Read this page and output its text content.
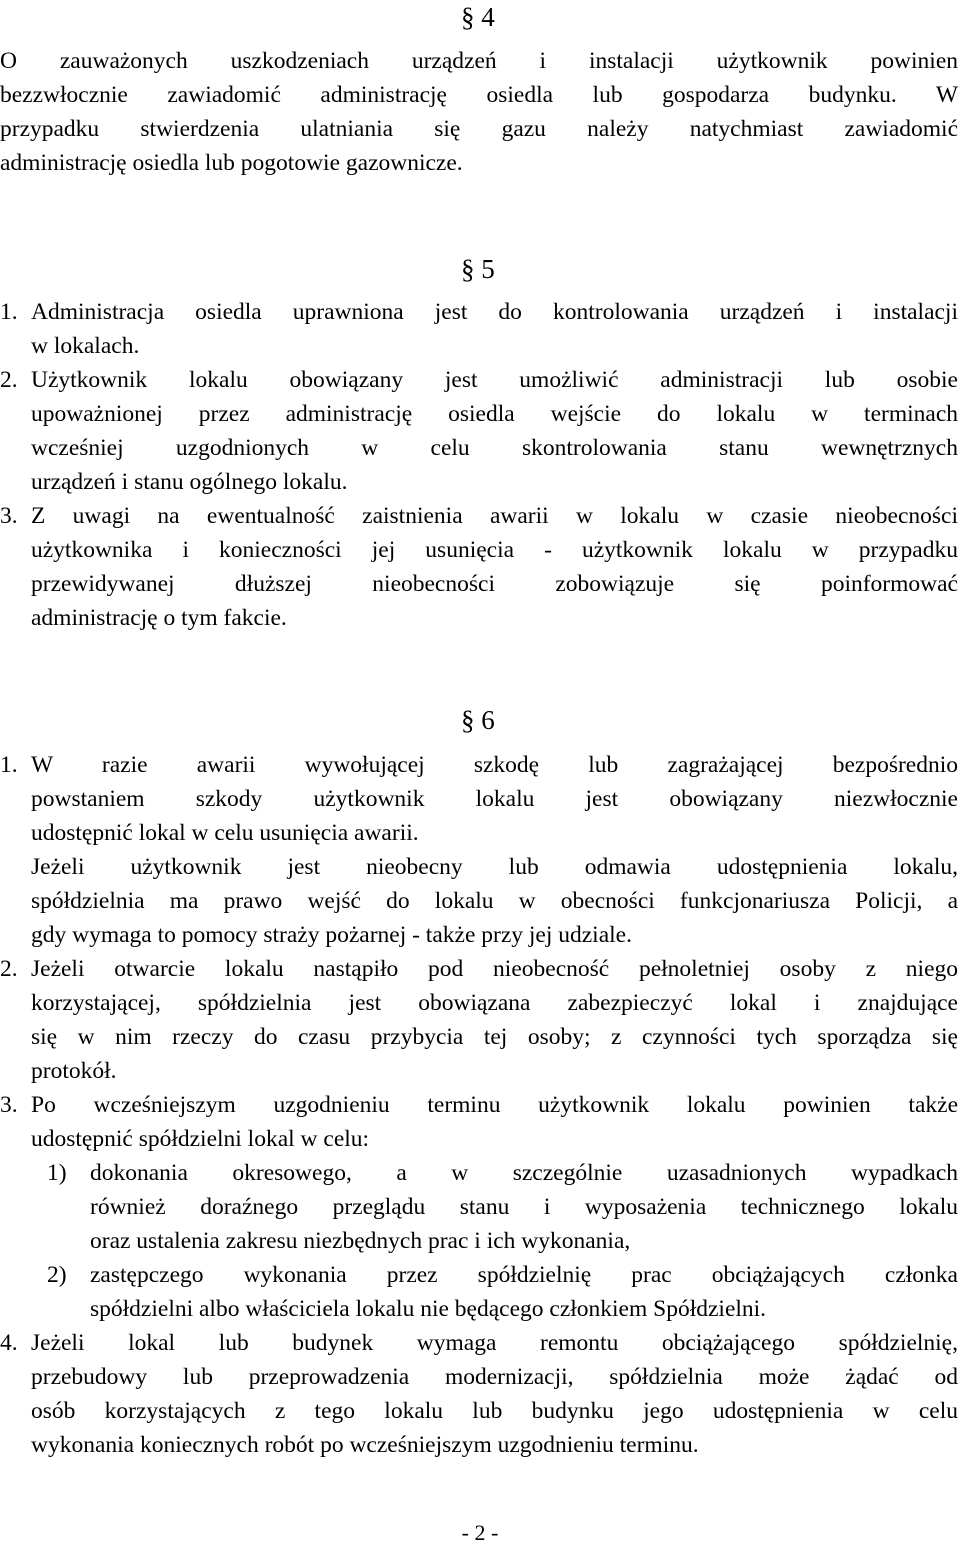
§ 4
O zauważonych uszkodzeniach urządzeń i instalacji użytkownik powinien
bezzwłocznie zawiadomić administrację osiedla lub gospodarza budynku. W
przypadku stwierdzenia ulatniania się gazu należy natychmiast zawiadomić
administrację osiedla lub pogotowie gazownicze.
§ 5
1. Administracja osiedla uprawniona jest do kontrolowania urządzeń i instalacji
w lokalach.
2. Użytkownik lokalu obowiązany jest umożliwić administracji lub osobie
upoważnionej przez administrację osiedla wejście do lokalu w terminach
wcześniej uzgodnionych w celu skontrolowania stanu wewnętrznych
urządzeń i stanu ogólnego lokalu.
3. Z uwagi na ewentualność zaistnienia awarii w lokalu w czasie nieobecności
użytkownika i konieczności jej usunięcia - użytkownik lokalu w przypadku
przewidywanej dłuższej nieobecności zobowiązuje się poinformować
administrację o tym fakcie.
§ 6
1. W razie awarii wywołującej szkodę lub zagrażającej bezpośrednio
powstaniem szkody użytkownik lokalu jest obowiązany niezwłocznie
udostępnić lokal w celu usunięcia awarii.
Jeżeli użytkownik jest nieobecny lub odmawia udostępnienia lokalu,
spółdzielnia ma prawo wejść do lokalu w obecności funkcjonariusza Policji, a
gdy wymaga to pomocy straży pożarnej - także przy jej udziale.
2. Jeżeli otwarcie lokalu nastąpiło pod nieobecność pełnoletniej osoby z niego
korzystającej, spółdzielnia jest obowiązana zabezpieczyć lokal i znajdujące
się w nim rzeczy do czasu przybycia tej osoby; z czynności tych sporządza się
protokół.
3. Po wcześniejszym uzgodnieniu terminu użytkownik lokalu powinien także
udostępnić spółdzielni lokal w celu:
1) dokonania okresowego, a w szczególnie uzasadnionych wypadkach
również doraźnego przeglądu stanu i wyposażenia technicznego lokalu
oraz ustalenia zakresu niezbędnych prac i ich wykonania,
2) zastępczego wykonania przez spółdzielnię prac obciążających członka
spółdzielni albo właściciela lokalu nie będącego członkiem Spółdzielni.
4. Jeżeli lokal lub budynek wymaga remontu obciążającego spółdzielnię,
przebudowy lub przeprowadzenia modernizacji, spółdzielnia może żądać od
osób korzystających z tego lokalu lub budynku jego udostępnienia w celu
wykonania koniecznych robót po wcześniejszym uzgodnieniu terminu.
- 2 -
